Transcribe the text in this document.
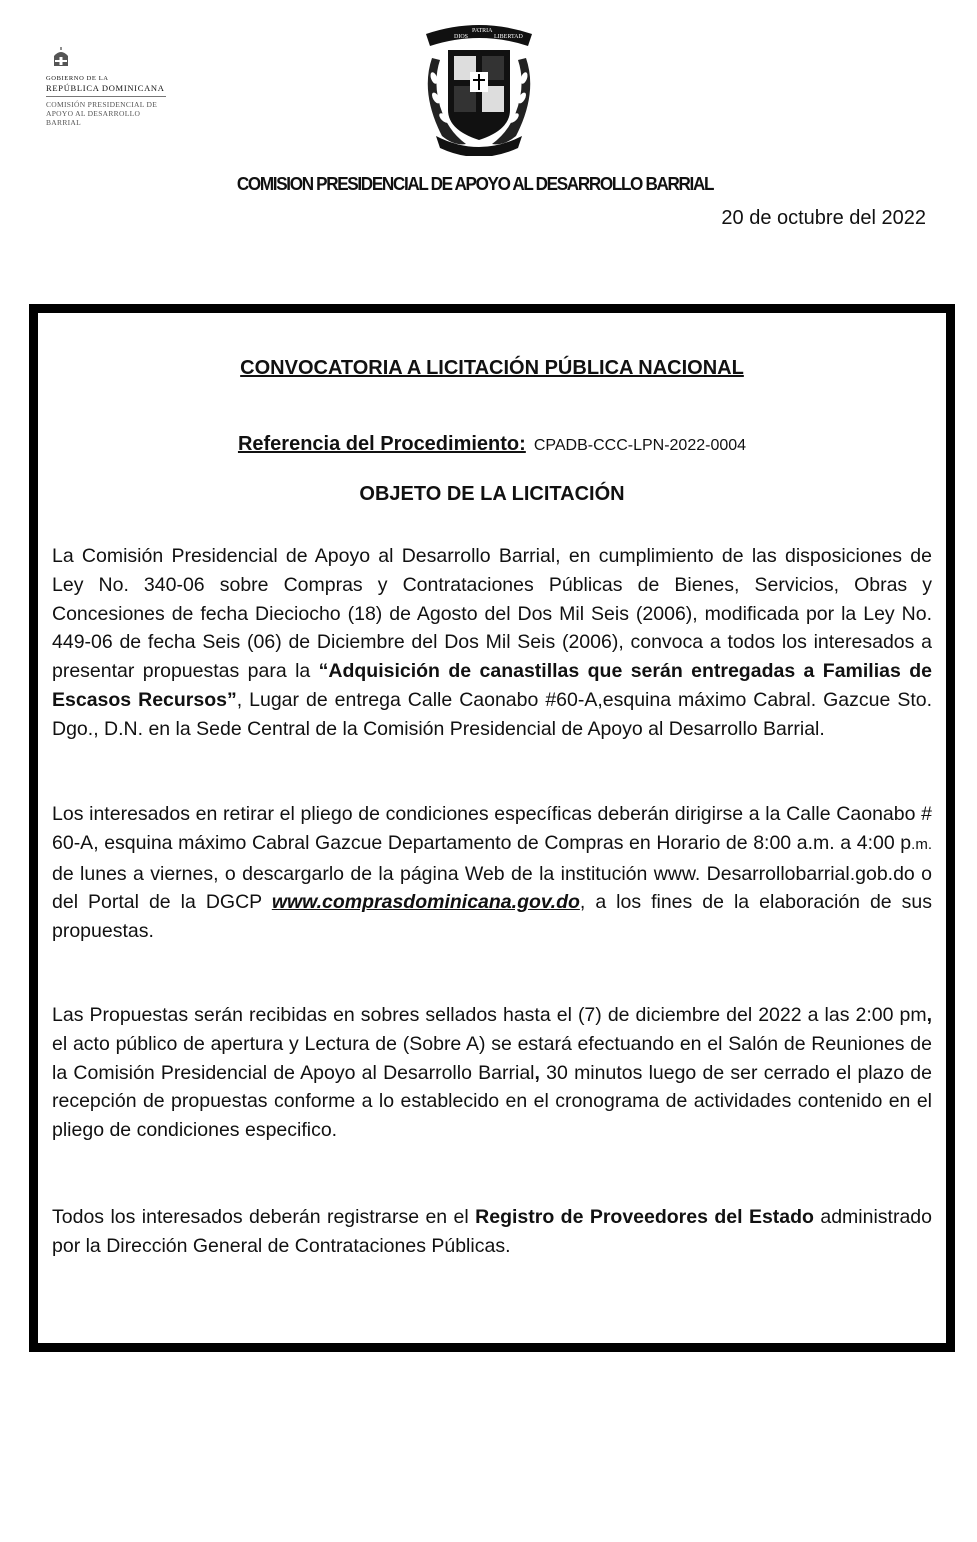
GOBIERNO DE LA
REPÚBLICA DOMINICANA
COMISIÓN PRESIDENCIAL DE
APOYO AL DESARROLLO BARRIAL
DIOS
PATRIA
LIBERTAD
COMISION PRESIDENCIAL DE APOYO AL DESARROLLO BARRIAL
20 de octubre del 2022
CONVOCATORIA A LICITACIÓN PÚBLICA NACIONAL
Referencia del Procedimiento: CPADB-CCC-LPN-2022-0004
OBJETO DE LA LICITACIÓN

La Comisión Presidencial de Apoyo al Desarrollo Barrial, en cumplimiento de las disposiciones de Ley No. 340-06 sobre Compras y Contrataciones Públicas de Bienes, Servicios, Obras y Concesiones de fecha Dieciocho (18) de Agosto del Dos Mil Seis (2006), modificada por la Ley No. 449-06 de fecha Seis (06) de Diciembre del Dos Mil Seis (2006), convoca a todos los interesados a presentar propuestas para la “Adquisición de canastillas que serán entregadas a Familias de Escasos Recursos”, Lugar de entrega Calle Caonabo #60-A,esquina máximo Cabral. Gazcue Sto. Dgo., D.N. en la Sede Central de la Comisión Presidencial de Apoyo al Desarrollo Barrial.

Los interesados en retirar el pliego de condiciones específicas deberán dirigirse a la Calle Caonabo # 60-A, esquina máximo Cabral Gazcue Departamento de Compras en Horario de 8:00 a.m. a 4:00 p.m. de lunes a viernes, o descargarlo de la página Web de la institución www. Desarrollobarrial.gob.do o del Portal de la DGCP www.comprasdominicana.gov.do, a los fines de la elaboración de sus propuestas.

Las Propuestas serán recibidas en sobres sellados hasta el (7) de diciembre del 2022 a las 2:00 pm, el acto público de apertura y Lectura de (Sobre A) se estará efectuando en el Salón de Reuniones de la Comisión Presidencial de Apoyo al Desarrollo Barrial, 30 minutos luego de ser cerrado el plazo de recepción de propuestas conforme a lo establecido en el cronograma de actividades contenido en el pliego de condiciones especifico.

Todos los interesados deberán registrarse en el Registro de Proveedores del Estado administrado por la Dirección General de Contrataciones Públicas.
